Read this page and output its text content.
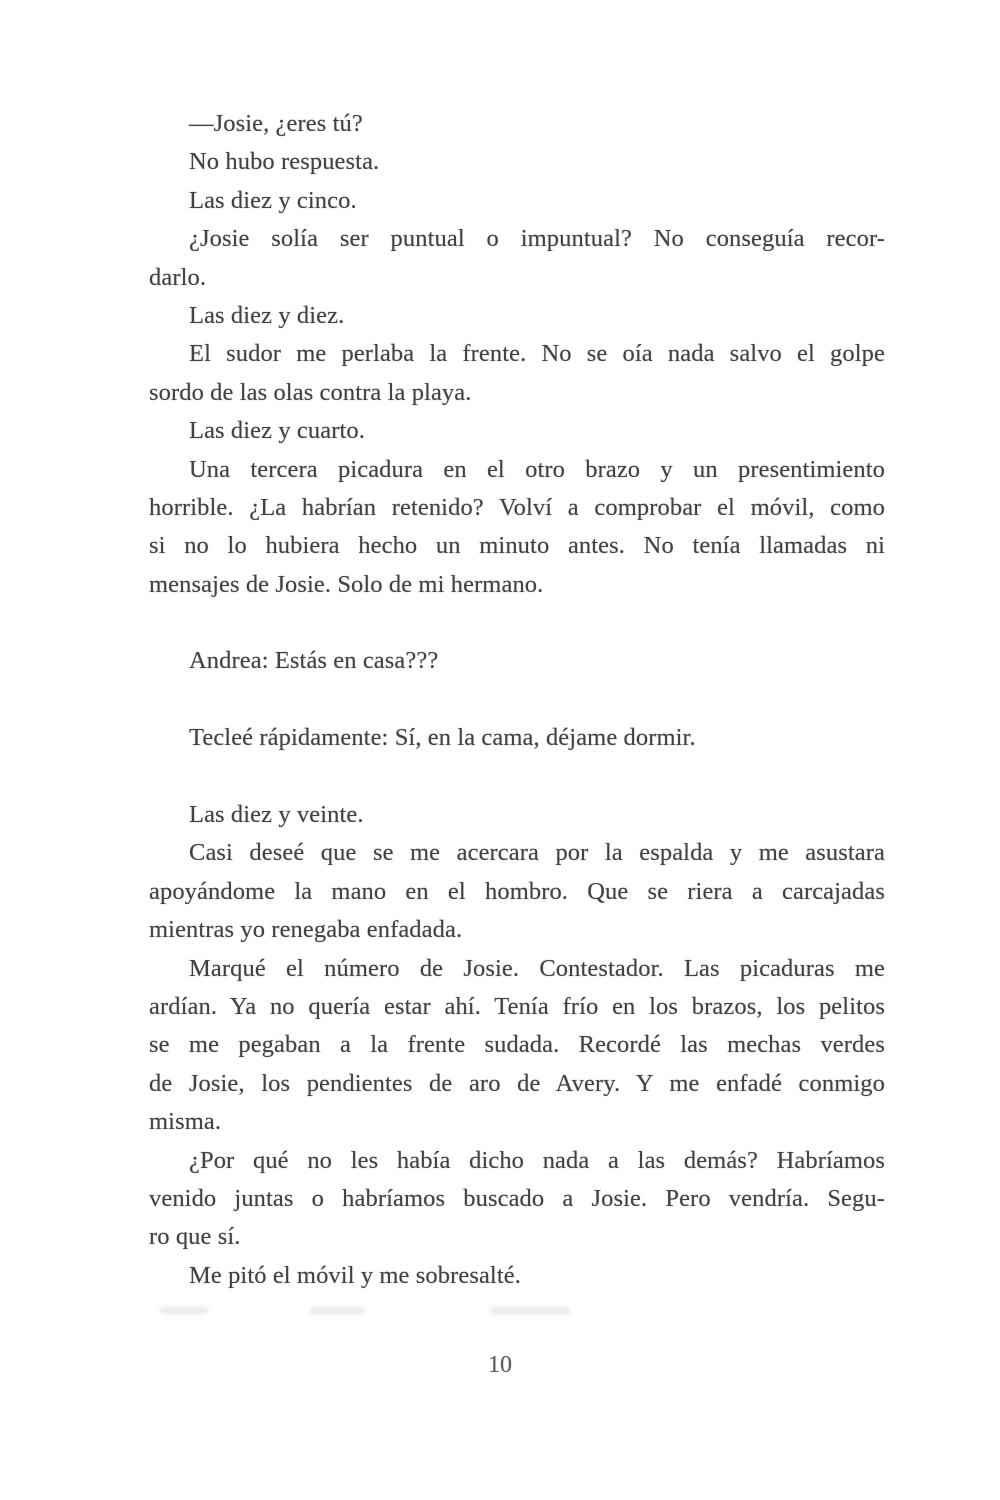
—Josie, ¿eres tú?
No hubo respuesta.
Las diez y cinco.
¿Josie solía ser puntual o impuntual? No conseguía recor-
darlo.
Las diez y diez.
El sudor me perlaba la frente. No se oía nada salvo el golpe
sordo de las olas contra la playa.
Las diez y cuarto.
Una tercera picadura en el otro brazo y un presentimiento
horrible. ¿La habrían retenido? Volví a comprobar el móvil, como
si no lo hubiera hecho un minuto antes. No tenía llamadas ni
mensajes de Josie. Solo de mi hermano.
Andrea: Estás en casa???
Tecleé rápidamente: Sí, en la cama, déjame dormir.
Las diez y veinte.
Casi deseé que se me acercara por la espalda y me asustara
apoyándome la mano en el hombro. Que se riera a carcajadas
mientras yo renegaba enfadada.
Marqué el número de Josie. Contestador. Las picaduras me
ardían. Ya no quería estar ahí. Tenía frío en los brazos, los pelitos
se me pegaban a la frente sudada. Recordé las mechas verdes
de Josie, los pendientes de aro de Avery. Y me enfadé conmigo
misma.
¿Por qué no les había dicho nada a las demás? Habríamos
venido juntas o habríamos buscado a Josie. Pero vendría. Segu-
ro que sí.
Me pitó el móvil y me sobresalté.
10
